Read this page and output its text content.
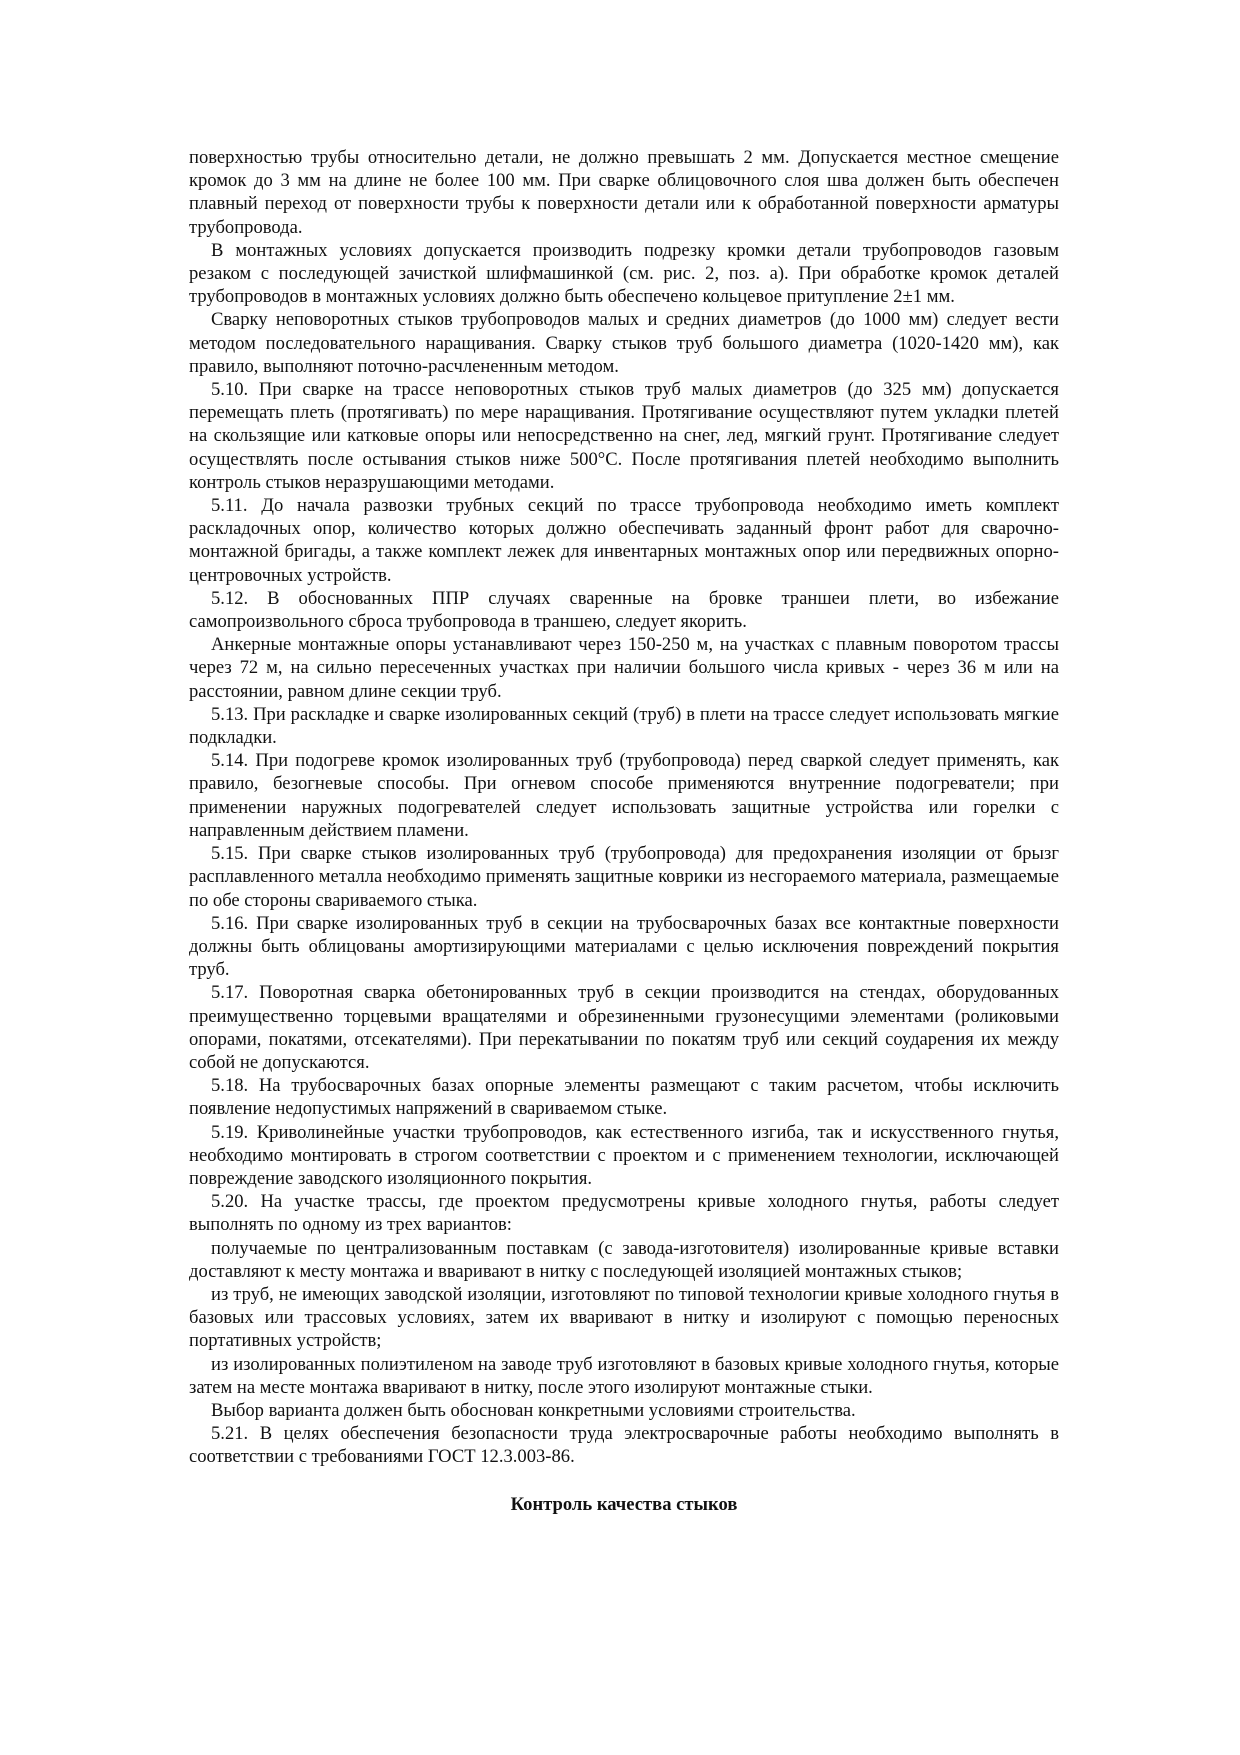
поверхностью трубы относительно детали, не должно превышать 2 мм. Допускается местное смещение кромок до 3 мм на длине не более 100 мм. При сварке облицовочного слоя шва должен быть обеспечен плавный переход от поверхности трубы к поверхности детали или к обработанной поверхности арматуры трубопровода.

В монтажных условиях допускается производить подрезку кромки детали трубопроводов газовым резаком с последующей зачисткой шлифмашинкой (см. рис. 2, поз. а). При обработке кромок деталей трубопроводов в монтажных условиях должно быть обеспечено кольцевое притупление 2±1 мм.

Сварку неповоротных стыков трубопроводов малых и средних диаметров (до 1000 мм) следует вести методом последовательного наращивания. Сварку стыков труб большого диаметра (1020-1420 мм), как правило, выполняют поточно-расчлененным методом.

5.10. При сварке на трассе неповоротных стыков труб малых диаметров (до 325 мм) допускается перемещать плеть (протягивать) по мере наращивания. Протягивание осуществляют путем укладки плетей на скользящие или катковые опоры или непосредственно на снег, лед, мягкий грунт. Протягивание следует осуществлять после остывания стыков ниже 500°С. После протягивания плетей необходимо выполнить контроль стыков неразрушающими методами.

5.11. До начала развозки трубных секций по трассе трубопровода необходимо иметь комплект раскладочных опор, количество которых должно обеспечивать заданный фронт работ для сварочно-монтажной бригады, а также комплект лежек для инвентарных монтажных опор или передвижных опорно-центровочных устройств.

5.12. В обоснованных ППР случаях сваренные на бровке траншеи плети, во избежание самопроизвольного сброса трубопровода в траншею, следует якорить.

Анкерные монтажные опоры устанавливают через 150-250 м, на участках с плавным поворотом трассы через 72 м, на сильно пересеченных участках при наличии большого числа кривых - через 36 м или на расстоянии, равном длине секции труб.

5.13. При раскладке и сварке изолированных секций (труб) в плети на трассе следует использовать мягкие подкладки.

5.14. При подогреве кромок изолированных труб (трубопровода) перед сваркой следует применять, как правило, безогневые способы. При огневом способе применяются внутренние подогреватели; при применении наружных подогревателей следует использовать защитные устройства или горелки с направленным действием пламени.

5.15. При сварке стыков изолированных труб (трубопровода) для предохранения изоляции от брызг расплавленного металла необходимо применять защитные коврики из несгораемого материала, размещаемые по обе стороны свариваемого стыка.

5.16. При сварке изолированных труб в секции на трубосварочных базах все контактные поверхности должны быть облицованы амортизирующими материалами с целью исключения повреждений покрытия труб.

5.17. Поворотная сварка обетонированных труб в секции производится на стендах, оборудованных преимущественно торцевыми вращателями и обрезиненными грузонесущими элементами (роликовыми опорами, покатями, отсекателями). При перекатывании по покатям труб или секций соударения их между собой не допускаются.

5.18. На трубосварочных базах опорные элементы размещают с таким расчетом, чтобы исключить появление недопустимых напряжений в свариваемом стыке.

5.19. Криволинейные участки трубопроводов, как естественного изгиба, так и искусственного гнутья, необходимо монтировать в строгом соответствии с проектом и с применением технологии, исключающей повреждение заводского изоляционного покрытия.

5.20. На участке трассы, где проектом предусмотрены кривые холодного гнутья, работы следует выполнять по одному из трех вариантов:

получаемые по централизованным поставкам (с завода-изготовителя) изолированные кривые вставки доставляют к месту монтажа и вваривают в нитку с последующей изоляцией монтажных стыков;

из труб, не имеющих заводской изоляции, изготовляют по типовой технологии кривые холодного гнутья в базовых или трассовых условиях, затем их вваривают в нитку и изолируют с помощью переносных портативных устройств;

из изолированных полиэтиленом на заводе труб изготовляют в базовых кривые холодного гнутья, которые затем на месте монтажа вваривают в нитку, после этого изолируют монтажные стыки.

Выбор варианта должен быть обоснован конкретными условиями строительства.

5.21. В целях обеспечения безопасности труда электросварочные работы необходимо выполнять в соответствии с требованиями ГОСТ 12.3.003-86.

Контроль качества стыков
